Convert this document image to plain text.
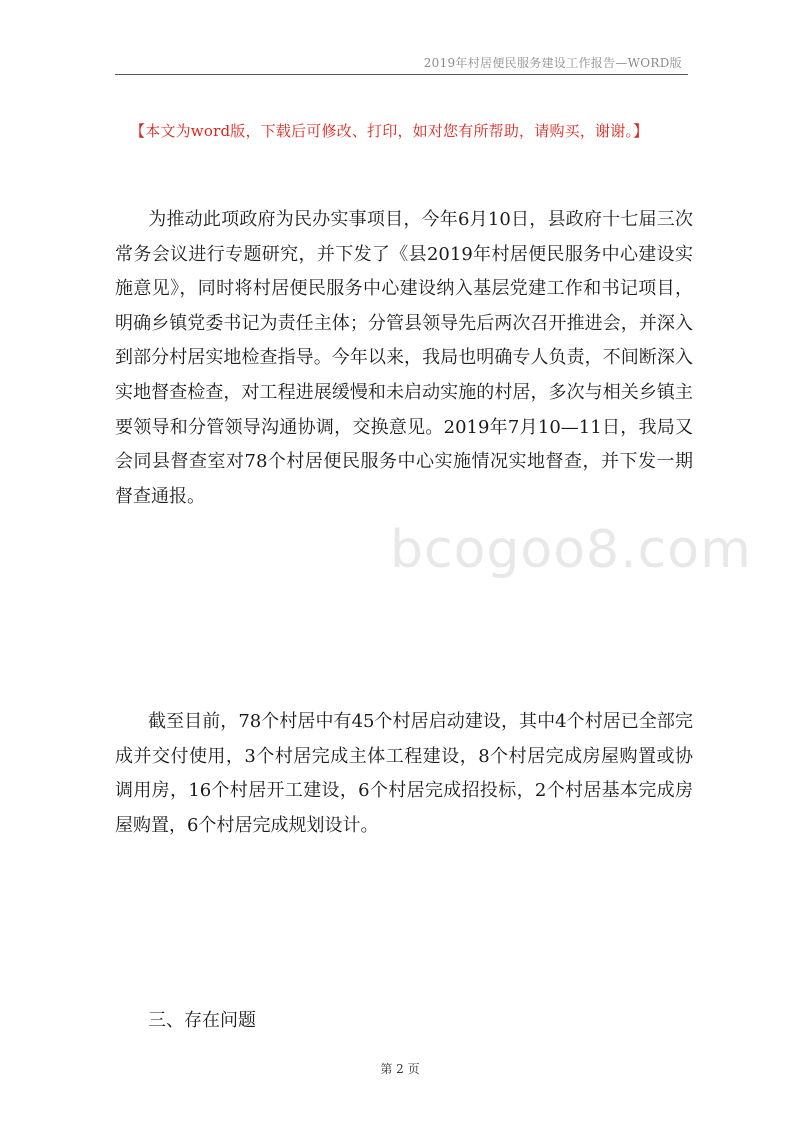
2019年村居便民服务建设工作报告—WORD版
【本文为word版，下载后可修改、打印，如对您有所帮助，请购买，谢谢。】

为推动此项政府为民办实事项目，今年6月10日，县政府十七届三次常务会议进行专题研究，并下发了《县2019年村居便民服务中心建设实施意见》，同时将村居便民服务中心建设纳入基层党建工作和书记项目，明确乡镇党委书记为责任主体；分管县领导先后两次召开推进会，并深入到部分村居实地检查指导。今年以来，我局也明确专人负责，不间断深入实地督查检查，对工程进展缓慢和未启动实施的村居，多次与相关乡镇主要领导和分管领导沟通协调，交换意见。2019年7月10—11日，我局又会同县督查室对78个村居便民服务中心实施情况实地督查，并下发一期督查通报。

bcogoo8.com

截至目前，78个村居中有45个村居启动建设，其中4个村居已全部完成并交付使用，3个村居完成主体工程建设，8个村居完成房屋购置或协调用房，16个村居开工建设，6个村居完成招投标，2个村居基本完成房屋购置，6个村居完成规划设计。

三、存在问题
第 2 页
